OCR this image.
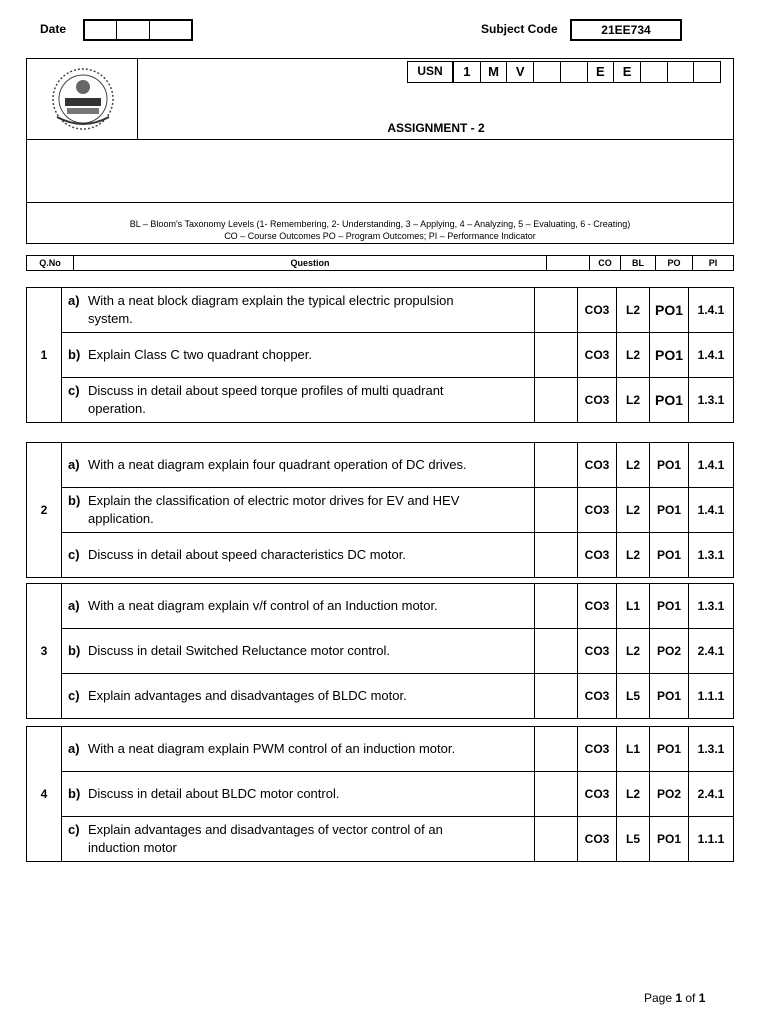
Date	Subject Code	21EE734
USN	1	M	V	E	E
ASSIGNMENT - 2
BL – Bloom's Taxonomy Levels (1- Remembering, 2- Understanding, 3 – Applying, 4 – Analyzing, 5 – Evaluating, 6 - Creating)
CO – Course Outcomes PO – Program Outcomes; PI – Performance Indicator
Q.No	Question		CO	BL	PO	PI
1	a) With a neat block diagram explain the typical electric propulsion system.		CO3	L2	PO1	1.4.1

	b) Explain Class C two quadrant chopper.		CO3	L2	PO1	1.4.1

	c) Discuss in detail about speed torque profiles of multi quadrant operation.		CO3	L2	PO1	1.3.1
2	a) With a neat diagram explain four quadrant operation of DC drives.		CO3	L2	PO1	1.4.1

	b) Explain the classification of electric motor drives for EV and HEV application.		CO3	L2	PO1	1.4.1

	c) Discuss in detail about speed characteristics DC motor.		CO3	L2	PO1	1.3.1
3	a) With a neat diagram explain v/f control of an Induction motor.		CO3	L1	PO1	1.3.1

	b) Discuss in detail Switched Reluctance motor control.		CO3	L2	PO2	2.4.1

	c) Explain advantages and disadvantages of BLDC motor.		CO3	L5	PO1	1.1.1
4	a) With a neat diagram explain PWM control of an induction motor.		CO3	L1	PO1	1.3.1

	b) Discuss in detail about BLDC motor control.		CO3	L2	PO2	2.4.1

	c) Explain advantages and disadvantages of vector control of an induction motor		CO3	L5	PO1	1.1.1
Page 1 of 1
